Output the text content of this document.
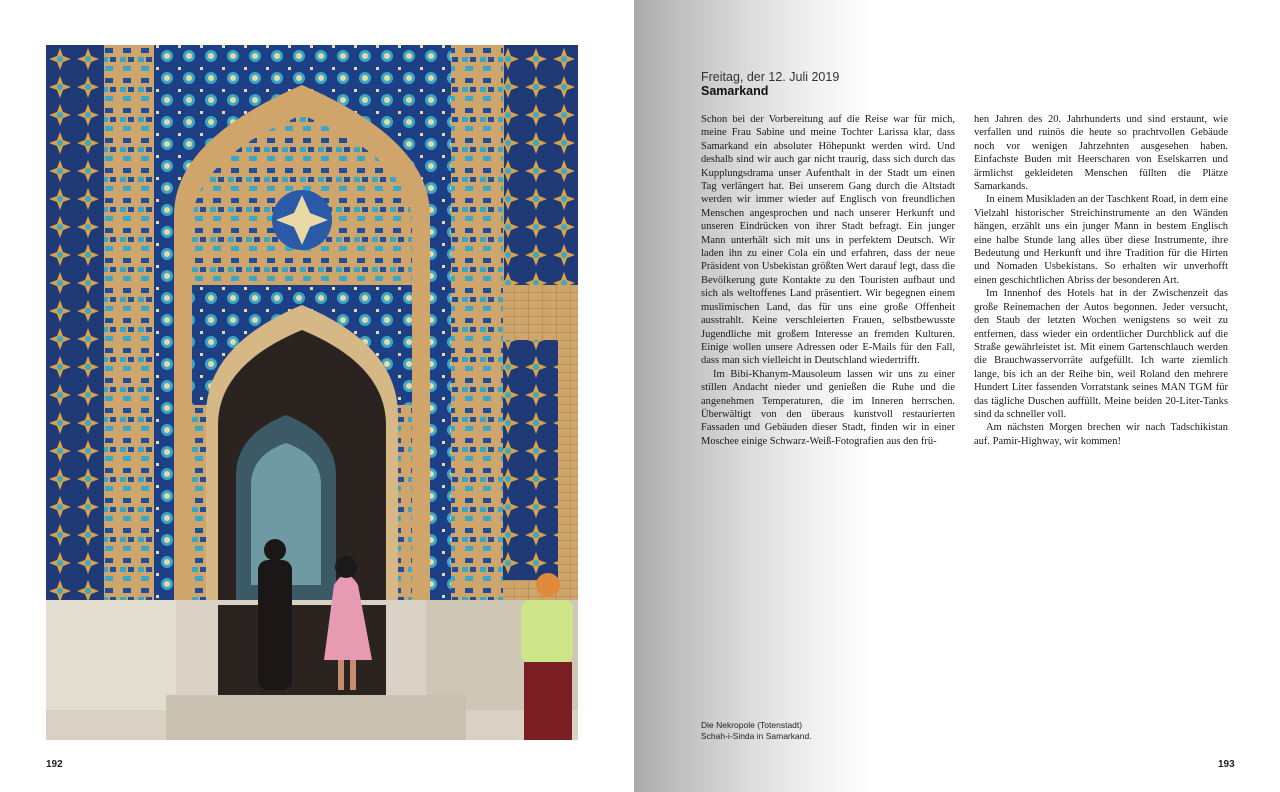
192
Freitag, der 12. Juli 2019
Samarkand

Schon bei der Vorbereitung auf die Reise war für mich, meine Frau Sabine und meine Tochter Larissa klar, dass Samarkand ein absoluter Höhepunkt werden wird. Und deshalb sind wir auch gar nicht traurig, dass sich durch das Kupplungsdrama unser Aufenthalt in der Stadt um einen Tag verlängert hat. Bei unserem Gang durch die Altstadt werden wir immer wieder auf Englisch von freundlichen Menschen angesprochen und nach unserer Herkunft und unseren Eindrücken von ihrer Stadt befragt. Ein junger Mann unterhält sich mit uns in perfektem Deutsch. Wir laden ihn zu einer Cola ein und erfahren, dass der neue Präsident von Usbekistan größten Wert darauf legt, dass die Bevölkerung gute Kontakte zu den Touristen aufbaut und sich als weltoffenes Land präsentiert. Wir begegnen einem muslimischen Land, das für uns eine große Offenheit ausstrahlt. Keine verschleierten Frauen, selbstbewusste Jugendliche mit großem Interesse an fremden Kulturen. Einige wollen unsere Adressen oder E-Mails für den Fall, dass man sich vielleicht in Deutschland wiedertrifft.

Im Bibi-Khanym-Mausoleum lassen wir uns zu einer stillen Andacht nieder und genießen die Ruhe und die angenehmen Temperaturen, die im Inneren herrschen. Überwältigt von den überaus kunstvoll restaurierten Fassaden und Gebäuden dieser Stadt, finden wir in einer Moschee einige Schwarz-Weiß-Fotografien aus den frü-

hen Jahren des 20. Jahrhunderts und sind erstaunt, wie verfallen und ruinös die heute so prachtvollen Gebäude noch vor wenigen Jahrzehnten ausgesehen haben. Einfachste Buden mit Heerscharen von Eselskarren und ärmlichst gekleideten Menschen füllten die Plätze Samarkands.

In einem Musikladen an der Taschkent Road, in dem eine Vielzahl historischer Streichinstrumente an den Wänden hängen, erzählt uns ein junger Mann in bestem Englisch eine halbe Stunde lang alles über diese Instrumente, ihre Bedeutung und Herkunft und ihre Tradition für die Hirten und Nomaden Usbekistans. So erhalten wir unverhofft einen geschichtlichen Abriss der besonderen Art.

Im Innenhof des Hotels hat in der Zwischenzeit das große Reinemachen der Autos begonnen. Jeder versucht, den Staub der letzten Wochen wenigstens so weit zu entfernen, dass wieder ein ordentlicher Durchblick auf die Straße gewährleistet ist. Mit einem Gartenschlauch werden die Brauchwasservorräte aufgefüllt. Ich warte ziemlich lange, bis ich an der Reihe bin, weil Roland den mehrere Hundert Liter fassenden Vorratstank seines MAN TGM für das tägliche Duschen auffüllt. Meine beiden 20-Liter-Tanks sind da schneller voll.

Am nächsten Morgen brechen wir nach Tadschikistan auf. Pamir-Highway, wir kommen!

Die Nekropole (Totenstadt)
Schah-i-Sinda in Samarkand.
193
